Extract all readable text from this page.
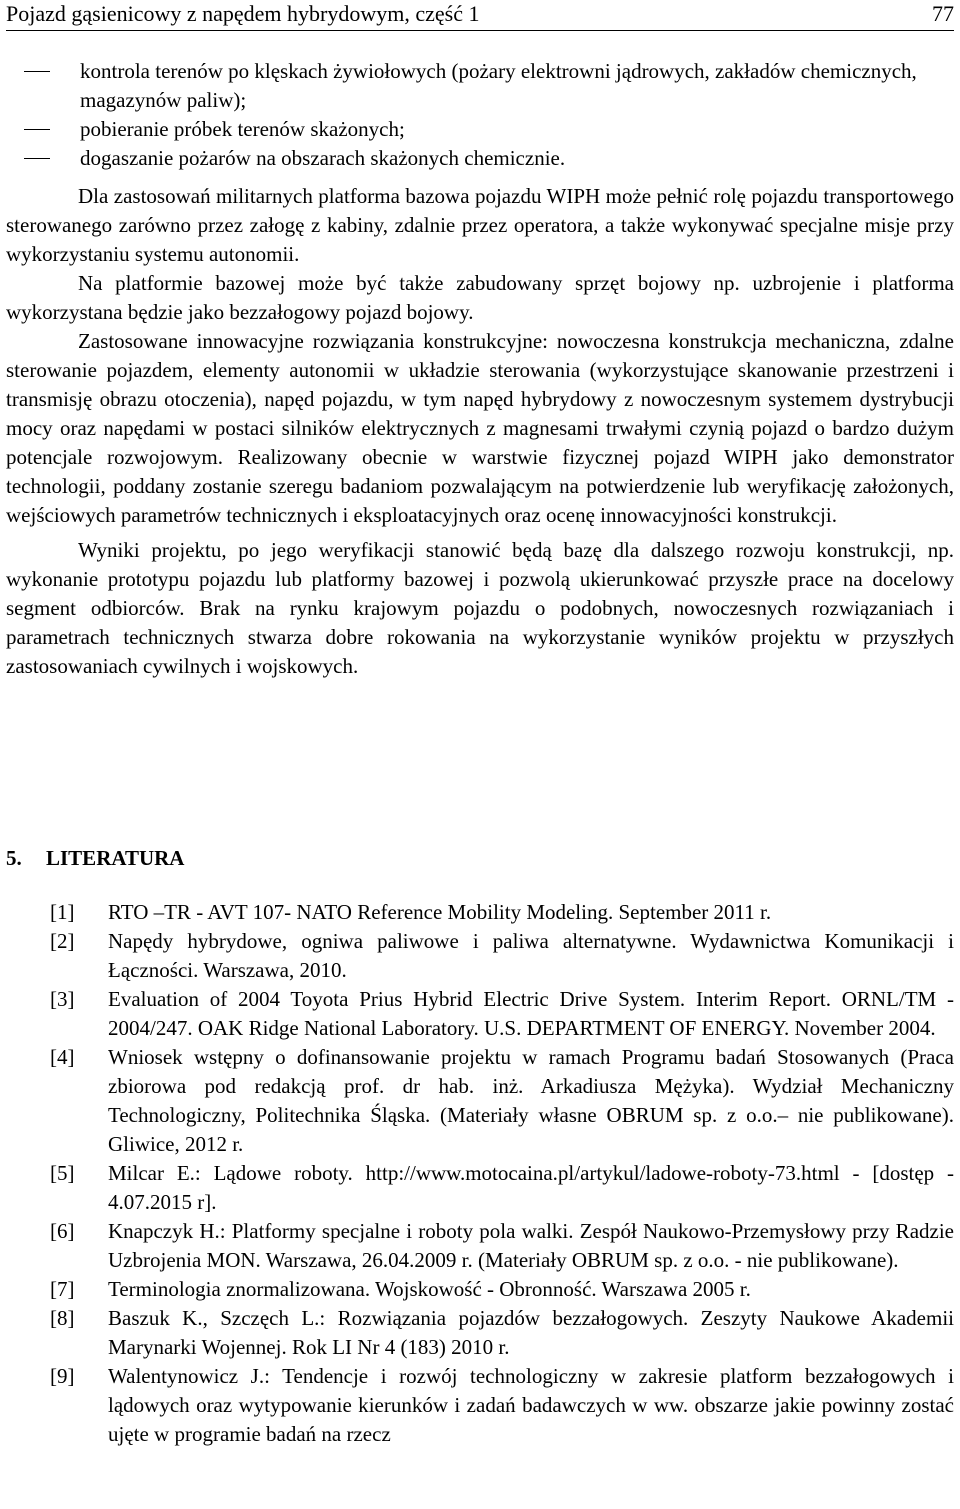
Pojazd gąsienicowy z napędem hybrydowym, część 1	77
kontrola terenów po klęskach żywiołowych (pożary elektrowni jądrowych, zakładów chemicznych, magazynów paliw);
pobieranie próbek terenów skażonych;
dogaszanie pożarów na obszarach skażonych chemicznie.

Dla zastosowań militarnych platforma bazowa pojazdu WIPH może pełnić rolę pojazdu transportowego sterowanego zarówno przez załogę z kabiny, zdalnie przez operatora, a także wykonywać specjalne misje przy wykorzystaniu systemu autonomii.

Na platformie bazowej może być także zabudowany sprzęt bojowy np. uzbrojenie i platforma wykorzystana będzie jako bezzałogowy pojazd bojowy.

Zastosowane innowacyjne rozwiązania konstrukcyjne: nowoczesna konstrukcja mechaniczna, zdalne sterowanie pojazdem, elementy autonomii w układzie sterowania (wykorzystujące skanowanie przestrzeni i transmisję obrazu otoczenia), napęd pojazdu, w tym napęd hybrydowy z nowoczesnym systemem dystrybucji mocy oraz napędami w postaci silników elektrycznych z magnesami trwałymi czynią pojazd o bardzo dużym potencjale rozwojowym. Realizowany obecnie w warstwie fizycznej pojazd WIPH jako demonstrator technologii, poddany zostanie szeregu badaniom pozwalającym na potwierdzenie lub weryfikację założonych, wejściowych parametrów technicznych i eksploatacyjnych oraz ocenę innowacyjności konstrukcji.

Wyniki projektu, po jego weryfikacji stanowić będą bazę dla dalszego rozwoju konstrukcji, np. wykonanie prototypu pojazdu lub platformy bazowej i pozwolą ukierunkować przyszłe prace na docelowy segment odbiorców. Brak na rynku krajowym pojazdu o podobnych, nowoczesnych rozwiązaniach i parametrach technicznych stwarza dobre rokowania na wykorzystanie wyników projektu w przyszłych zastosowaniach cywilnych i wojskowych.

5. LITERATURA
[1] RTO –TR - AVT 107- NATO Reference Mobility Modeling. September 2011 r.
[2] Napędy hybrydowe, ogniwa paliwowe i paliwa alternatywne. Wydawnictwa Komunikacji i Łączności. Warszawa, 2010.
[3] Evaluation of 2004 Toyota Prius Hybrid Electric Drive System. Interim Report. ORNL/TM - 2004/247. OAK Ridge National Laboratory. U.S. DEPARTMENT OF ENERGY. November 2004.
[4] Wniosek wstępny o dofinansowanie projektu w ramach Programu badań Stosowanych (Praca zbiorowa pod redakcją prof. dr hab. inż. Arkadiusza Mężyka). Wydział Mechaniczny Technologiczny, Politechnika Śląska. (Materiały własne OBRUM sp. z o.o.– nie publikowane). Gliwice, 2012 r.
[5] Milcar E.: Lądowe roboty. http://www.motocaina.pl/artykul/ladowe-roboty-73.html - [dostęp - 4.07.2015 r].
[6] Knapczyk H.: Platformy specjalne i roboty pola walki. Zespół Naukowo-Przemysłowy przy Radzie Uzbrojenia MON. Warszawa, 26.04.2009 r. (Materiały OBRUM sp. z o.o. - nie publikowane).
[7] Terminologia znormalizowana. Wojskowość - Obronność. Warszawa 2005 r.
[8] Baszuk K., Szczęch L.: Rozwiązania pojazdów bezzałogowych. Zeszyty Naukowe Akademii Marynarki Wojennej. Rok LI Nr 4 (183) 2010 r.
[9] Walentynowicz J.: Tendencje i rozwój technologiczny w zakresie platform bezzałogowych i lądowych oraz wytypowanie kierunków i zadań badawczych w ww. obszarze jakie powinny zostać ujęte w programie badań na rzecz
